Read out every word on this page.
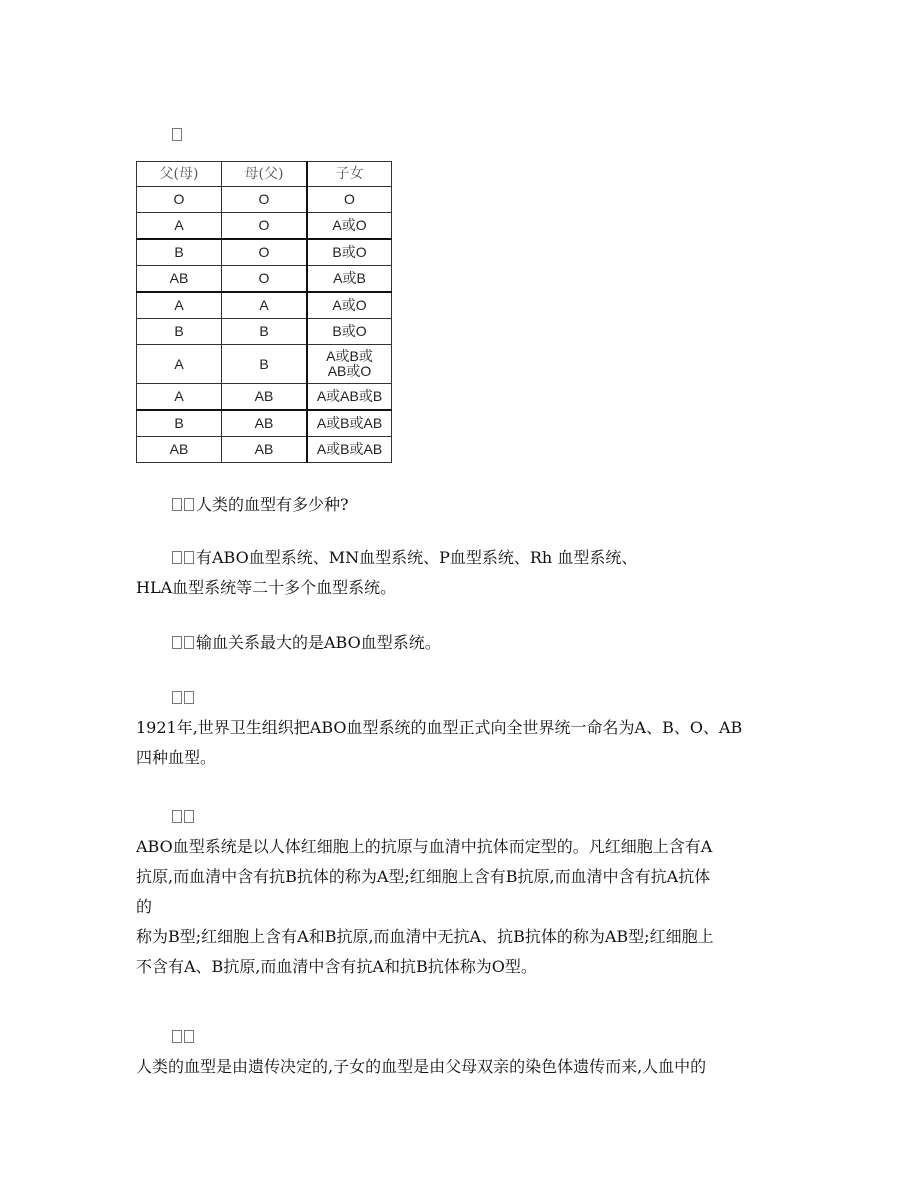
父(母)	母(父)	子女
O	O	O
A	O	A或O
B	O	B或O
AB	O	A或B
A	A	A或O
B	B	B或O
A	B	A或B或AB或O
A	AB	A或AB或B
B	AB	A或B或AB
AB	AB	A或B或AB
人类的血型有多少种?
有ABO血型系统、MN血型系统、P血型系统、Rh 血型系统、
HLA血型系统等二十多个血型系统。
输血关系最大的是ABO血型系统。
1921年,世界卫生组织把ABO血型系统的血型正式向全世界统一命名为A、B、O、AB
四种血型。
ABO血型系统是以人体红细胞上的抗原与血清中抗体而定型的。凡红细胞上含有A
抗原,而血清中含有抗B抗体的称为A型;红细胞上含有B抗原,而血清中含有抗A抗体
的
称为B型;红细胞上含有A和B抗原,而血清中无抗A、抗B抗体的称为AB型;红细胞上
不含有A、B抗原,而血清中含有抗A和抗B抗体称为O型。
人类的血型是由遗传决定的,子女的血型是由父母双亲的染色体遗传而来,人血中的
